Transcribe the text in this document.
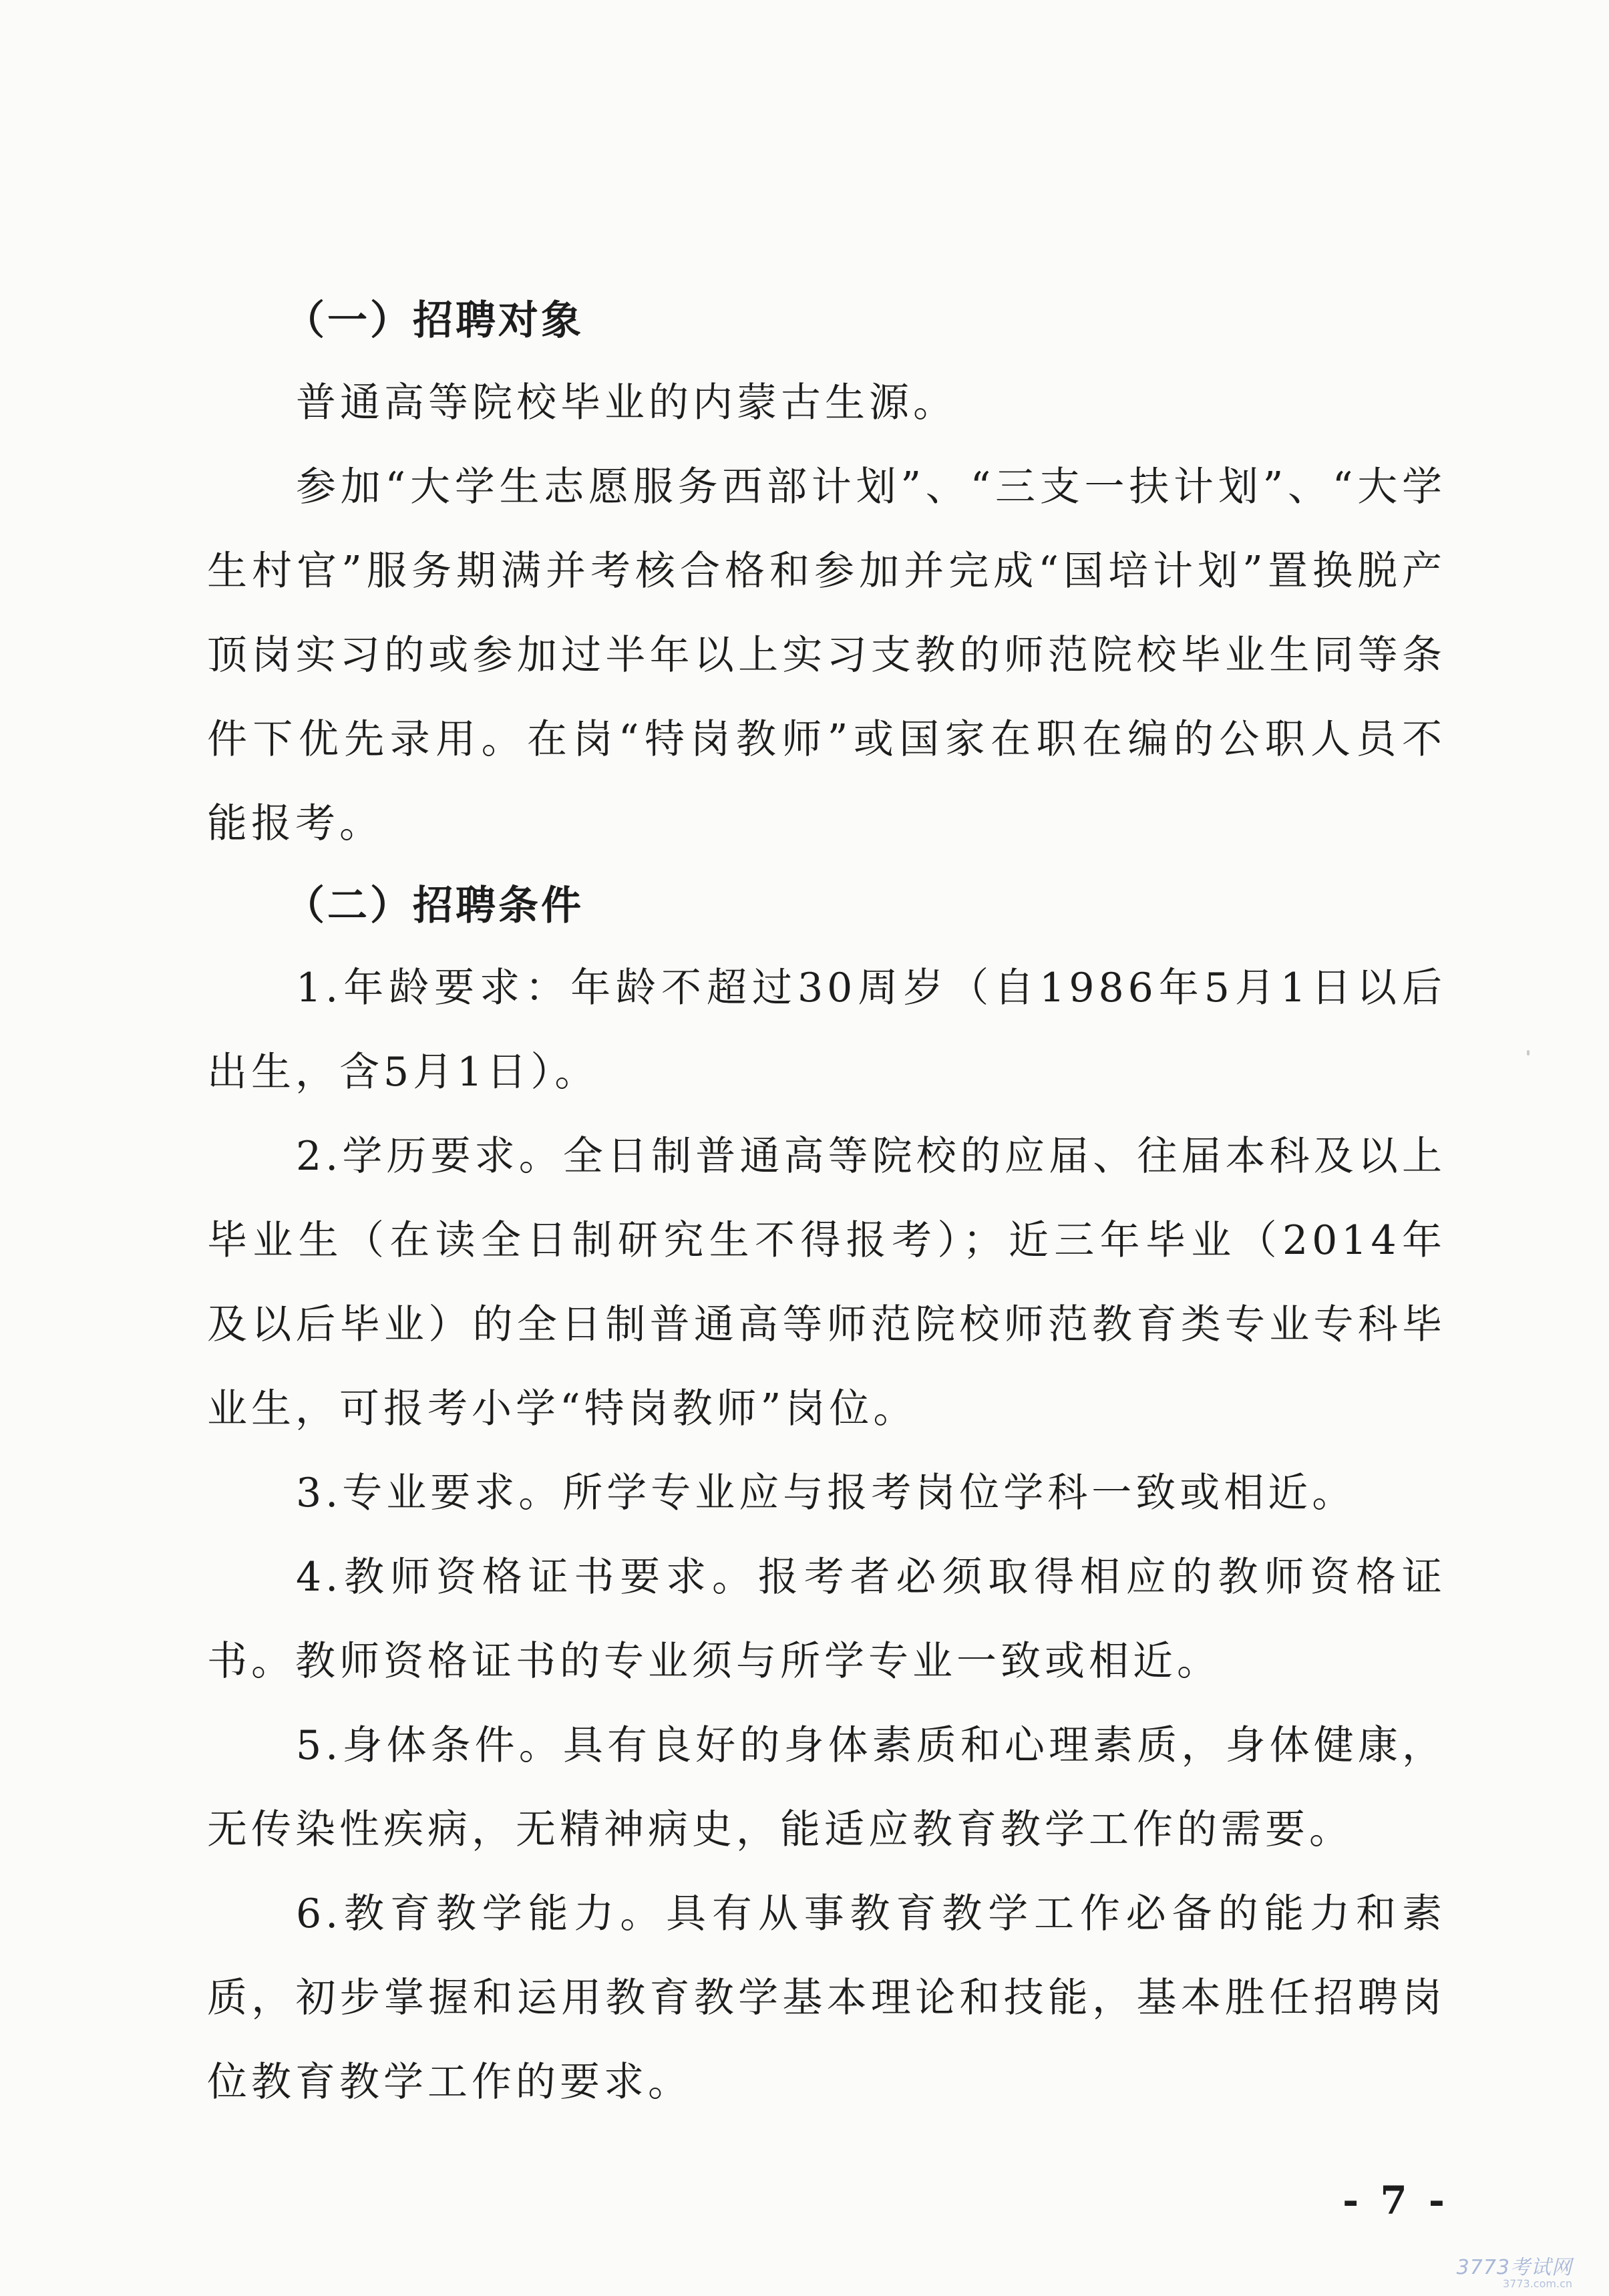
（一）招聘对象

普通高等院校毕业的内蒙古生源。

参加“大学生志愿服务西部计划”、“三支一扶计划”、“大学生村官”服务期满并考核合格和参加并完成“国培计划”置换脱产顶岗实习的或参加过半年以上实习支教的师范院校毕业生同等条件下优先录用。在岗“特岗教师”或国家在职在编的公职人员不能报考。

（二）招聘条件

1.年龄要求：年龄不超过30周岁（自1986年5月1日以后出生，含5月1日）。

2.学历要求。全日制普通高等院校的应届、往届本科及以上毕业生（在读全日制研究生不得报考）；近三年毕业（2014年及以后毕业）的全日制普通高等师范院校师范教育类专业专科毕业生，可报考小学“特岗教师”岗位。

3.专业要求。所学专业应与报考岗位学科一致或相近。

4.教师资格证书要求。报考者必须取得相应的教师资格证书。教师资格证书的专业须与所学专业一致或相近。

5.身体条件。具有良好的身体素质和心理素质，身体健康，无传染性疾病，无精神病史，能适应教育教学工作的需要。

6.教育教学能力。具有从事教育教学工作必备的能力和素质，初步掌握和运用教育教学基本理论和技能，基本胜任招聘岗位教育教学工作的要求。

- 7 -
3773考试网
3773.com.cn
